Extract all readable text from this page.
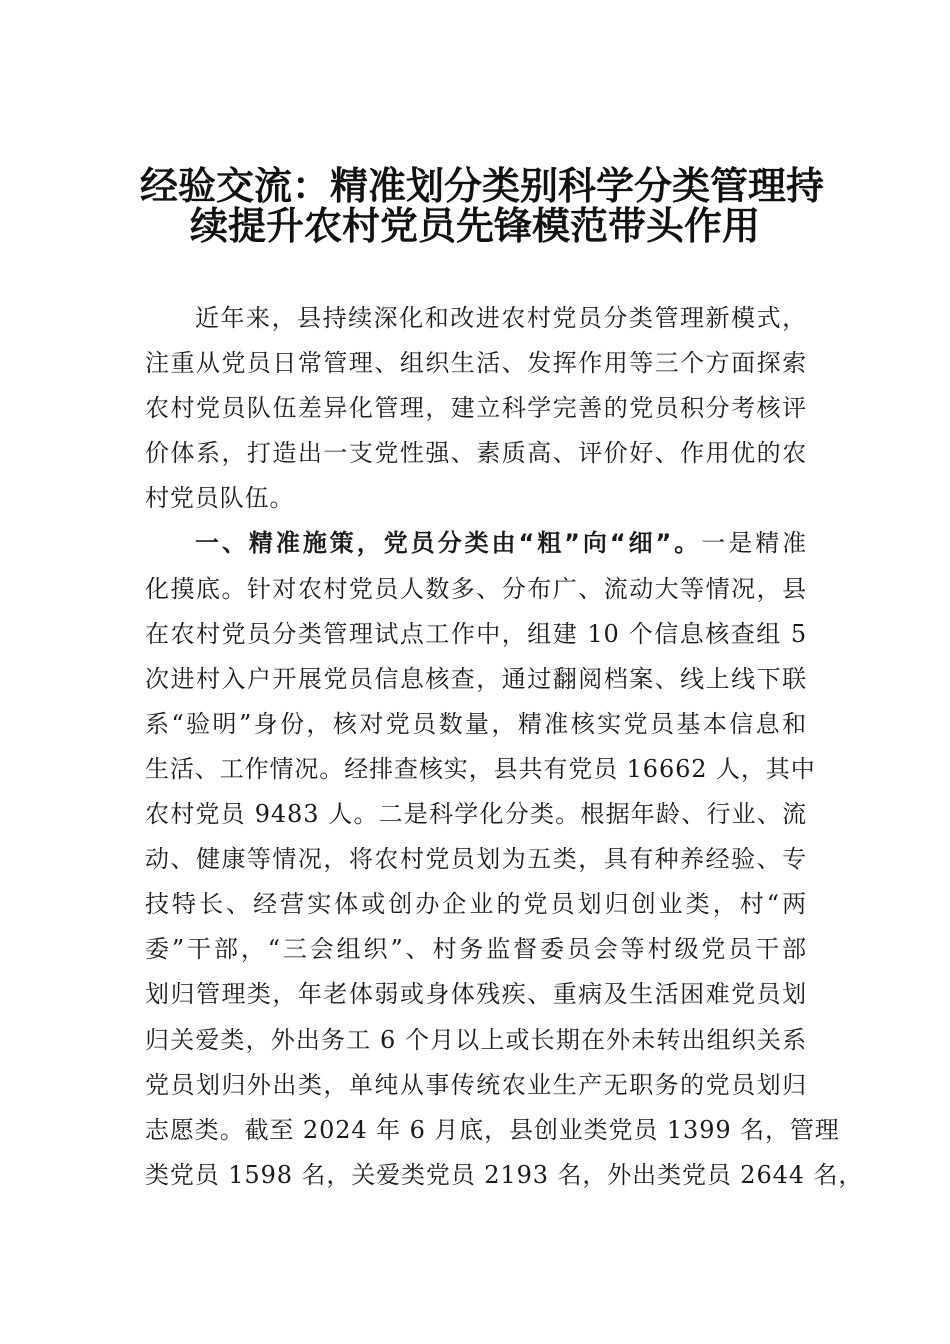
经验交流：精准划分类别科学分类管理持
续提升农村党员先锋模范带头作用
近年来，县持续深化和改进农村党员分类管理新模式，
注重从党员日常管理、组织生活、发挥作用等三个方面探索
农村党员队伍差异化管理，建立科学完善的党员积分考核评
价体系，打造出一支党性强、素质高、评价好、作用优的农
村党员队伍。
一、精准施策，党员分类由“粗”向“细”。一是精准
化摸底。针对农村党员人数多、分布广、流动大等情况，县
在农村党员分类管理试点工作中，组建 10 个信息核查组 5
次进村入户开展党员信息核查，通过翻阅档案、线上线下联
系“验明”身份，核对党员数量，精准核实党员基本信息和
生活、工作情况。经排查核实，县共有党员 16662 人，其中
农村党员 9483 人。二是科学化分类。根据年龄、行业、流
动、健康等情况，将农村党员划为五类，具有种养经验、专
技特长、经营实体或创办企业的党员划归创业类，村“两
委”干部，“三会组织”、村务监督委员会等村级党员干部
划归管理类，年老体弱或身体残疾、重病及生活困难党员划
归关爱类，外出务工 6 个月以上或长期在外未转出组织关系
党员划归外出类，单纯从事传统农业生产无职务的党员划归
志愿类。截至 2024 年 6 月底，县创业类党员 1399 名，管理
类党员 1598 名，关爱类党员 2193 名，外出类党员 2644 名，
